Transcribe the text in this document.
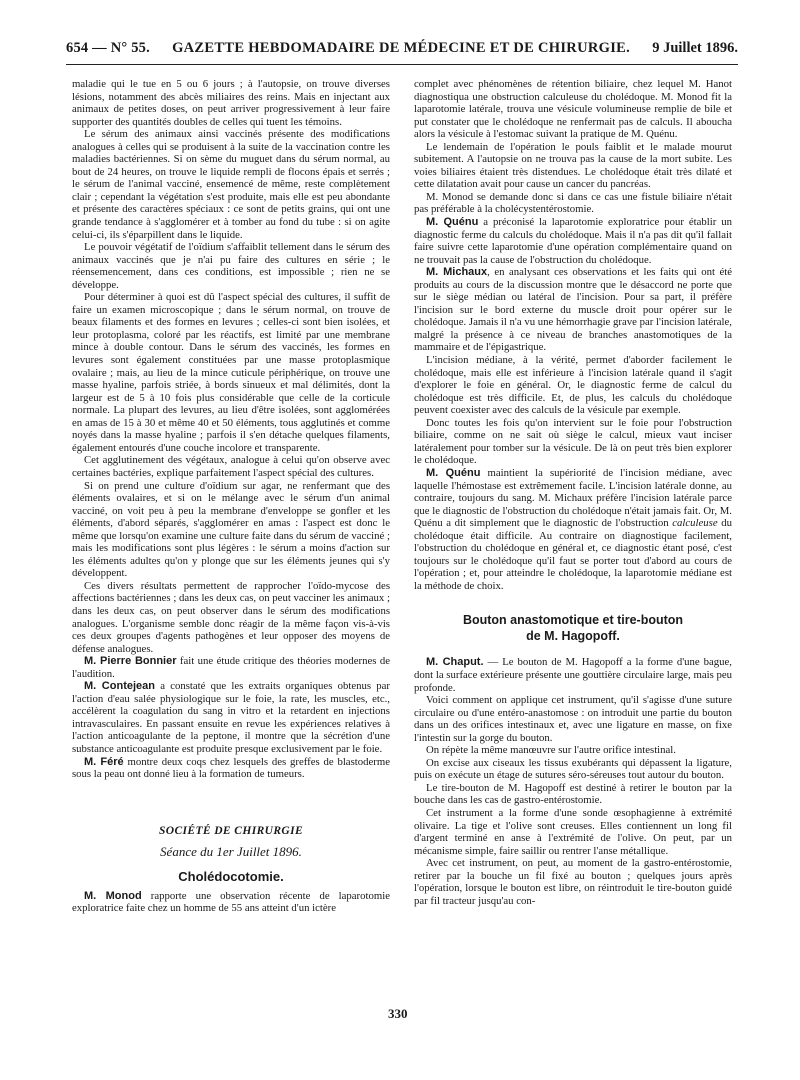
654 — N° 55. GAZETTE HEBDOMADAIRE DE MÉDECINE ET DE CHIRURGIE. 9 Juillet 1896.

maladie qui le tue en 5 ou 6 jours ; à l'autopsie, on trouve diverses lésions, notamment des abcès miliaires des reins. Mais en injectant aux animaux de petites doses, on peut arriver progressivement à leur faire supporter des quantités doubles de celles qui tuent les témoins.

Le sérum des animaux ainsi vaccinés présente des modifications analogues à celles qui se produisent à la suite de la vaccination contre les maladies bactériennes. Si on sème du muguet dans du sérum normal, au bout de 24 heures, on trouve le liquide rempli de flocons épais et serrés ; le sérum de l'animal vacciné, ensemencé de même, reste complètement clair ; cependant la végétation s'est produite, mais elle est peu abondante et présente des caractères spéciaux : ce sont de petits grains, qui ont une grande tendance à s'agglomérer et à tomber au fond du tube : si on agite celui-ci, ils s'éparpillent dans le liquide.

Le pouvoir végétatif de l'oïdium s'affaiblit tellement dans le sérum des animaux vaccinés que je n'ai pu faire des cultures en série ; le réensemencement, dans ces conditions, est impossible ; rien ne se développe.

Pour déterminer à quoi est dû l'aspect spécial des cultures, il suffit de faire un examen microscopique ; dans le sérum normal, on trouve de beaux filaments et des formes en levures ; celles-ci sont bien isolées, et leur protoplasma, coloré par les réactifs, est limité par une membrane mince à double contour. Dans le sérum des vaccinés, les formes en levures sont également constituées par une masse protoplasmique ovalaire ; mais, au lieu de la mince cuticule périphérique, on trouve une masse hyaline, parfois striée, à bords sinueux et mal délimités, dont la largeur est de 5 à 10 fois plus considérable que celle de la corticule normale. La plupart des levures, au lieu d'être isolées, sont agglomérées en amas de 15 à 30 et même 40 et 50 éléments, tous agglutinés et comme noyés dans la masse hyaline ; parfois il s'en détache quelques filaments, également entourés d'une couche incolore et transparente.

Cet agglutinement des végétaux, analogue à celui qu'on observe avec certaines bactéries, explique parfaitement l'aspect spécial des cultures.

Si on prend une culture d'oïdium sur agar, ne renfermant que des éléments ovalaires, et si on le mélange avec le sérum d'un animal vacciné, on voit peu à peu la membrane d'enveloppe se gonfler et les éléments, d'abord séparés, s'agglomérer en amas : l'aspect est donc le même que lorsqu'on examine une culture faite dans du sérum de vacciné ; mais les modifications sont plus légères : le sérum a moins d'action sur les éléments adultes qu'on y plonge que sur les éléments jeunes qui s'y développent.

Ces divers résultats permettent de rapprocher l'oïdo-mycose des affections bactériennes ; dans les deux cas, on peut vacciner les animaux ; dans les deux cas, on peut observer dans le sérum des modifications analogues. L'organisme semble donc réagir de la même façon vis-à-vis ces deux groupes d'agents pathogènes et leur opposer des moyens de défense analogues.

M. Pierre Bonnier fait une étude critique des théories modernes de l'audition.

M. Contejean a constaté que les extraits organiques obtenus par l'action d'eau salée physiologique sur le foie, la rate, les muscles, etc., accélèrent la coagulation du sang in vitro et la retardent en injections intravasculaires. En passant ensuite en revue les expériences relatives à l'action anticoagulante de la peptone, il montre que la sécrétion d'une substance anticoagulante est produite presque exclusivement par le foie.

M. Féré montre deux coqs chez lesquels des greffes de blastoderme sous la peau ont donné lieu à la formation de tumeurs.

SOCIÉTÉ DE CHIRURGIE
Séance du 1er Juillet 1896.
Cholédocotomie.

M. Monod rapporte une observation récente de laparotomie exploratrice faite chez un homme de 55 ans atteint d'un ictère

complet avec phénomènes de rétention biliaire, chez lequel M. Hanot diagnostiqua une obstruction calculeuse du cholédoque. M. Monod fit la laparotomie latérale, trouva une vésicule volumineuse remplie de bile et put constater que le cholédoque ne renfermait pas de calculs. Il abouchа alors la vésicule à l'estomac suivant la pratique de M. Quénu.

Le lendemain de l'opération le pouls faiblit et le malade mourut subitement. A l'autopsie on ne trouva pas la cause de la mort subite. Les voies biliaires étaient très distendues. Le cholédoque était très dilaté et cette dilatation avait pour cause un cancer du pancréas.

M. Monod se demande donc si dans ce cas une fistule biliaire n'était pas préférable à la cholécystentérostomie.

M. Quénu a préconisé la laparotomie exploratrice pour établir un diagnostic ferme du calculs du cholédoque. Mais il n'a pas dit qu'il fallait faire suivre cette laparotomie d'une opération complémentaire quand on ne trouvait pas la cause de l'obstruction du cholédoque.

M. Michaux, en analysant ces observations et les faits qui ont été produits au cours de la discussion montre que le désaccord ne porte que sur le siège médian ou latéral de l'incision. Pour sa part, il préfère l'incision sur le bord externe du muscle droit pour opérer sur le cholédoque. Jamais il n'a vu une hémorrhagie grave par l'incision latérale, malgré la présence à ce niveau de branches anastomotiques de la mammaire et de l'épigastrique.

L'incision médiane, à la vérité, permet d'aborder facilement le cholédoque, mais elle est inférieure à l'incision latérale quand il s'agit d'explorer le foie en général. Or, le diagnostic ferme de calcul du cholédoque est très difficile. Et, de plus, les calculs du cholédoque peuvent coexister avec des calculs de la vésicule par exemple.

Donc toutes les fois qu'on intervient sur le foie pour l'obstruction biliaire, comme on ne sait où siège le calcul, mieux vaut inciser latéralement pour tomber sur la vésicule. De là on peut très bien explorer le cholédoque.

M. Quénu maintient la supériorité de l'incision médiane, avec laquelle l'hémostase est extrêmement facile. L'incision latérale donne, au contraire, toujours du sang. M. Michaux préfère l'incision latérale parce que le diagnostic de l'obstruction du cholédoque n'était jamais fait. Or, M. Quénu a dit simplement que le diagnostic de l'obstruction calculeuse du cholédoque était difficile. Au contraire on diagnostique facilement, l'obstruction du cholédoque en général et, ce diagnostic étant posé, c'est toujours sur le cholédoque qu'il faut se porter tout d'abord au cours de l'opération ; et, pour atteindre le cholédoque, la laparotomie médiane est la méthode de choix.

Bouton anastomotique et tire-bouton
de M. Hagopoff.

M. Chaput. — Le bouton de M. Hagopoff a la forme d'une bague, dont la surface extérieure présente une gouttière circulaire large, mais peu profonde.

Voici comment on applique cet instrument, qu'il s'agisse d'une suture circulaire ou d'une entéro-anastomose : on introduit une partie du bouton dans un des orifices intestinaux et, avec une ligature en masse, on fixe l'intestin sur la gorge du bouton.

On répète la même manœuvre sur l'autre orifice intestinal.

On excise aux ciseaux les tissus exubérants qui dépassent la ligature, puis on exécute un étage de sutures séro-séreuses tout autour du bouton.

Le tire-bouton de M. Hagopoff est destiné à retirer le bouton par la bouche dans les cas de gastro-entérostomie.

Cet instrument a la forme d'une sonde œsophagienne à extrémité olivaire. La tige et l'olive sont creuses. Elles contiennent un long fil d'argent terminé en anse à l'extrémité de l'olive. On peut, par un mécanisme simple, faire saillir ou rentrer l'anse métallique.

Avec cet instrument, on peut, au moment de la gastro-entérostomie, retirer par la bouche un fil fixé au bouton ; quelques jours après l'opération, lorsque le bouton est libre, on réintroduit le tire-bouton guidé par fil tracteur jusqu'au con-

330
